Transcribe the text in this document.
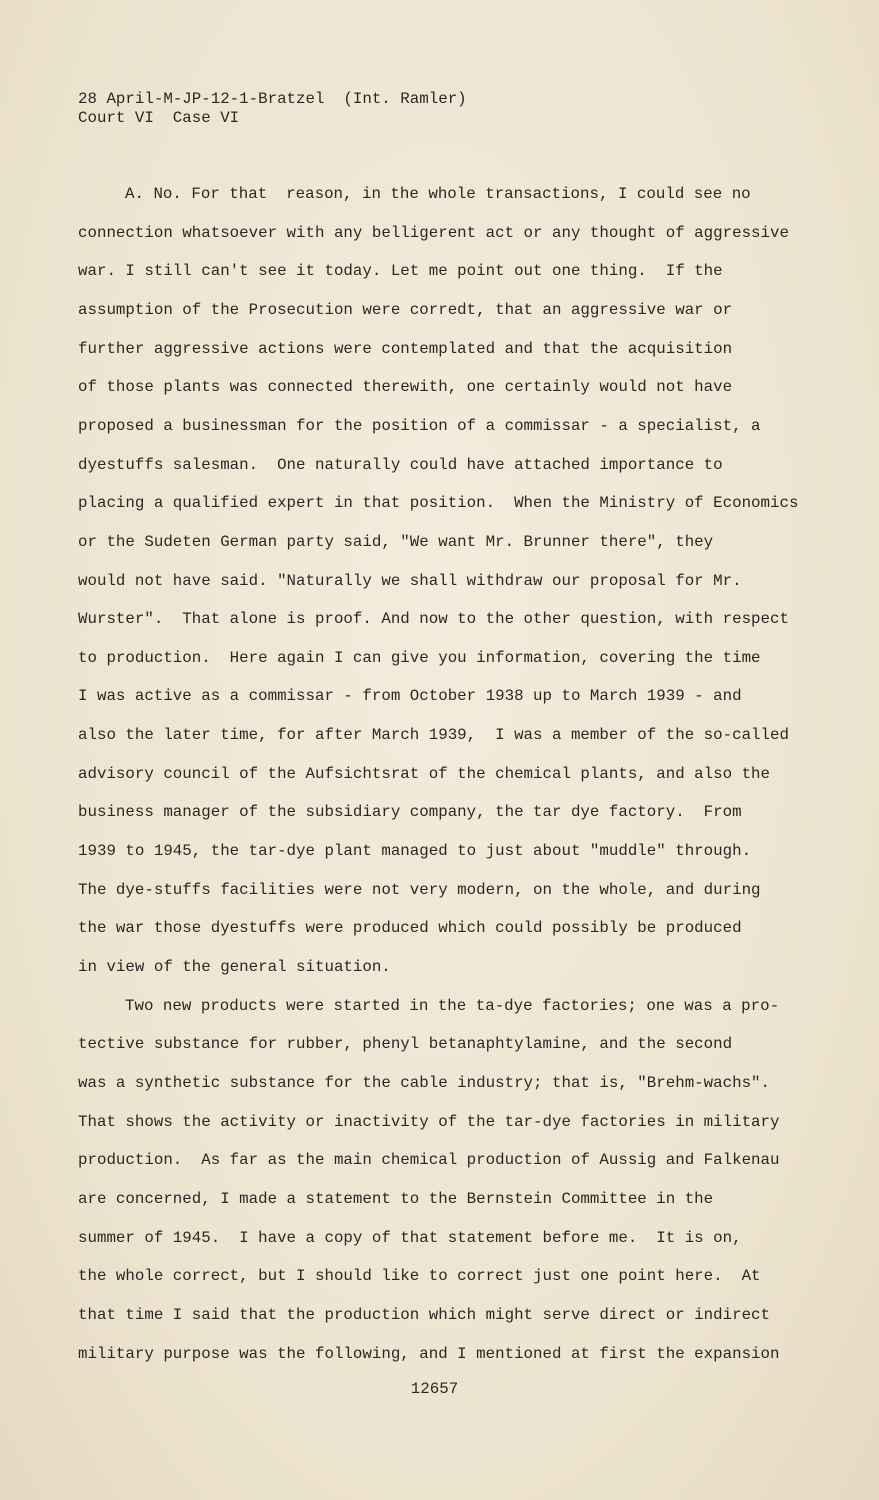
28 April-M-JP-12-1-Bratzel  (Int. Ramler)
Court VI  Case VI
A. No. For that  reason, in the whole transactions, I could see no
connection whatsoever with any belligerent act or any thought of aggressive
war. I still can't see it today. Let me point out one thing.  If the
assumption of the Prosecution were corredt, that an aggressive war or
further aggressive actions were contemplated and that the acquisition
of those plants was connected therewith, one certainly would not have
proposed a businessman for the position of a commissar - a specialist, a
dyestuffs salesman.  One naturally could have attached importance to
placing a qualified expert in that position.  When the Ministry of Economics
or the Sudeten German party said, "We want Mr. Brunner there", they
would not have said. "Naturally we shall withdraw our proposal for Mr.
Wurster".  That alone is proof. And now to the other question, with respect
to production.  Here again I can give you information, covering the time
I was active as a commissar - from October 1938 up to March 1939 - and
also the later time, for after March 1939,  I was a member of the so-called
advisory council of the Aufsichtsrat of the chemical plants, and also the
business manager of the subsidiary company, the tar dye factory.  From
1939 to 1945, the tar-dye plant managed to just about "muddle" through.
The dye-stuffs facilities were not very modern, on the whole, and during
the war those dyestuffs were produced which could possibly be produced
in view of the general situation.
Two new products were started in the ta-dye factories; one was a pro-
tective substance for rubber, phenyl betanaphtylamine, and the second
was a synthetic substance for the cable industry; that is, "Brehm-wachs".
That shows the activity or inactivity of the tar-dye factories in military
production.  As far as the main chemical production of Aussig and Falkenau
are concerned, I made a statement to the Bernstein Committee in the
summer of 1945.  I have a copy of that statement before me.  It is on,
the whole correct, but I should like to correct just one point here.  At
that time I said that the production which might serve direct or indirect
military purpose was the following, and I mentioned at first the expansion
12657
